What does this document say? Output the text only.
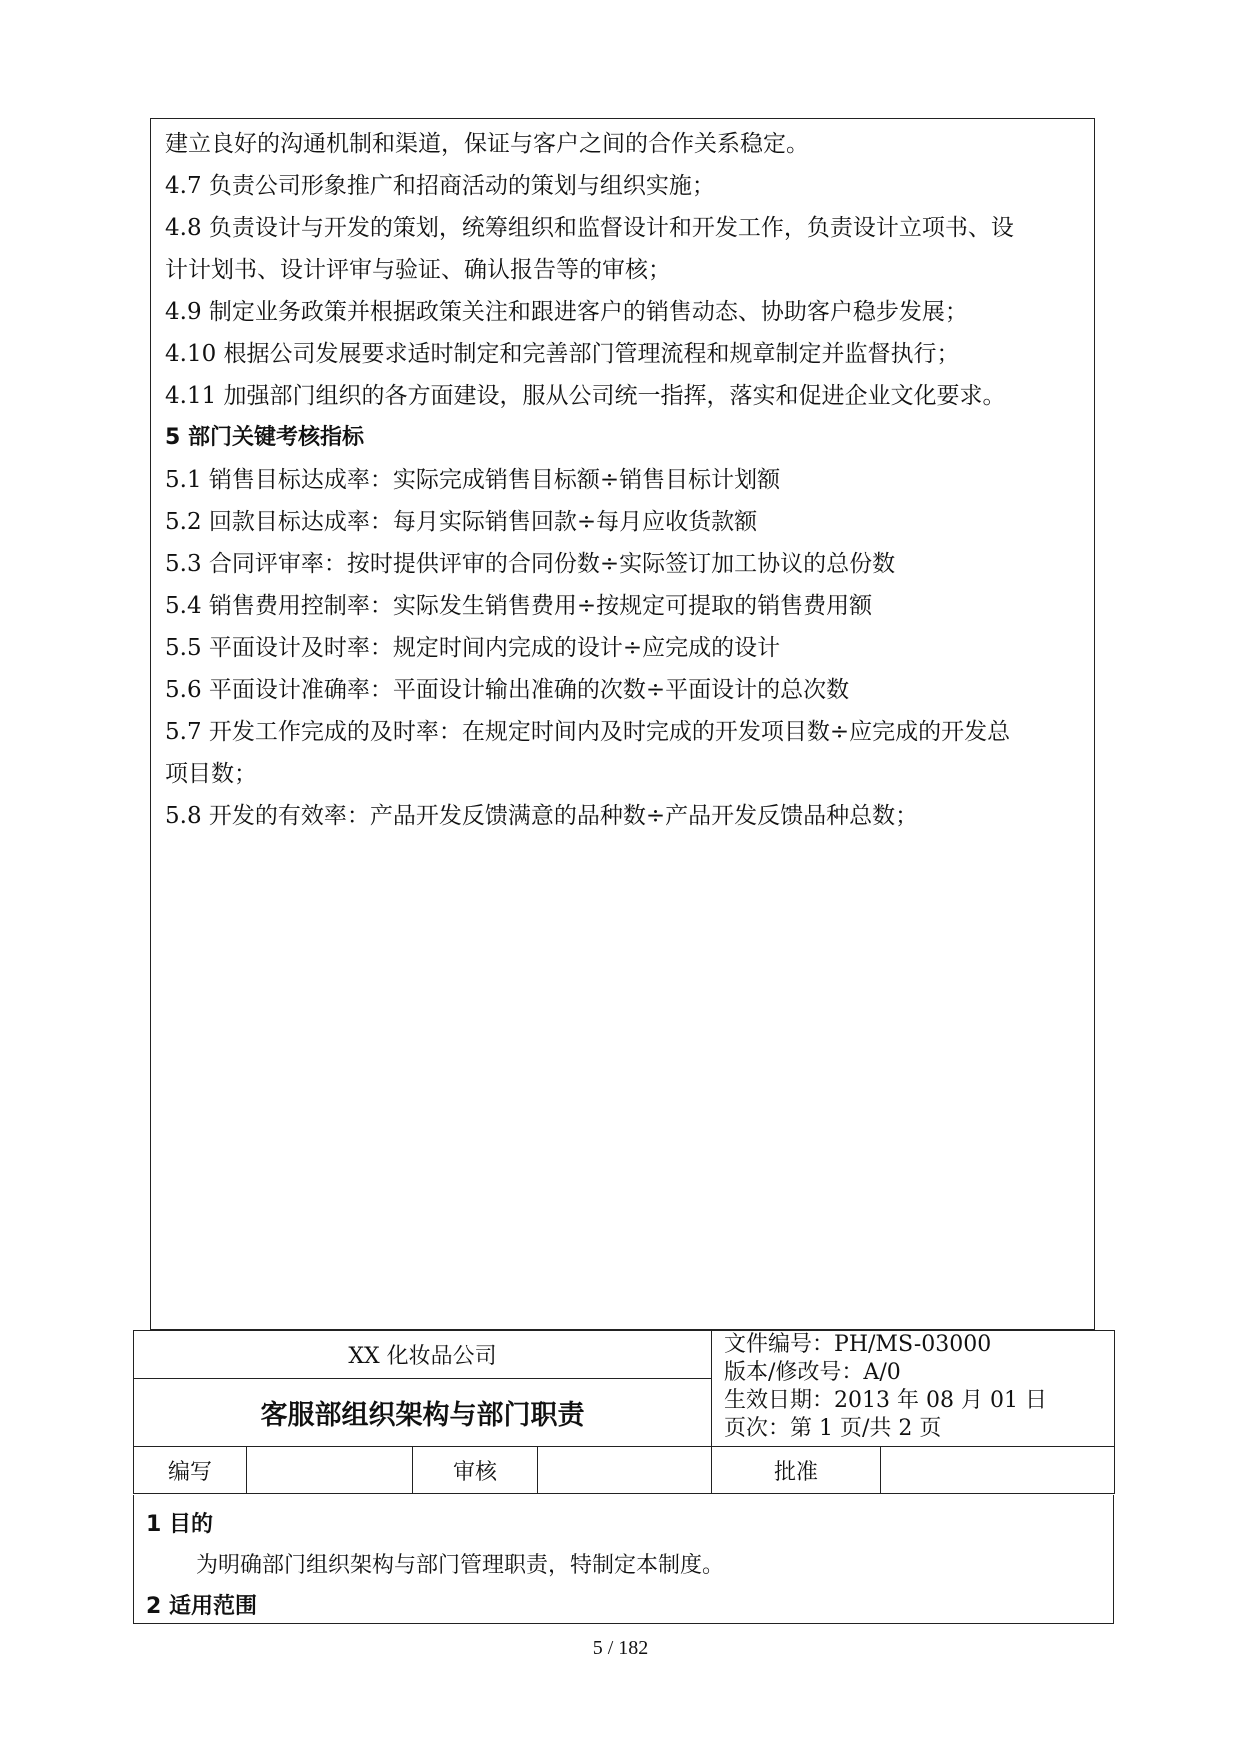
建立良好的沟通机制和渠道，保证与客户之间的合作关系稳定。

4.7 负责公司形象推广和招商活动的策划与组织实施；

4.8 负责设计与开发的策划，统筹组织和监督设计和开发工作，负责设计立项书、设

计计划书、设计评审与验证、确认报告等的审核；

4.9 制定业务政策并根据政策关注和跟进客户的销售动态、协助客户稳步发展；

4.10 根据公司发展要求适时制定和完善部门管理流程和规章制定并监督执行；

4.11 加强部门组织的各方面建设，服从公司统一指挥，落实和促进企业文化要求。

5 部门关键考核指标

5.1 销售目标达成率：实际完成销售目标额÷销售目标计划额

5.2 回款目标达成率：每月实际销售回款÷每月应收货款额

5.3 合同评审率：按时提供评审的合同份数÷实际签订加工协议的总份数

5.4 销售费用控制率：实际发生销售费用÷按规定可提取的销售费用额

5.5 平面设计及时率：规定时间内完成的设计÷应完成的设计

5.6 平面设计准确率：平面设计输出准确的次数÷平面设计的总次数

5.7 开发工作完成的及时率：在规定时间内及时完成的开发项目数÷应完成的开发总

项目数；

5.8 开发的有效率：产品开发反馈满意的品种数÷产品开发反馈品种总数；

XX 化妆品公司				文件编号：PH/MS-03000
版本/修改号：A/0
生效日期：2013 年 08 月 01 日
页次：第 1 页/共 2 页	

客服部组织架构与部门职责					
编写		审核		批准	

1 目的

为明确部门组织架构与部门管理职责，特制定本制度。

2 适用范围

5 / 182
